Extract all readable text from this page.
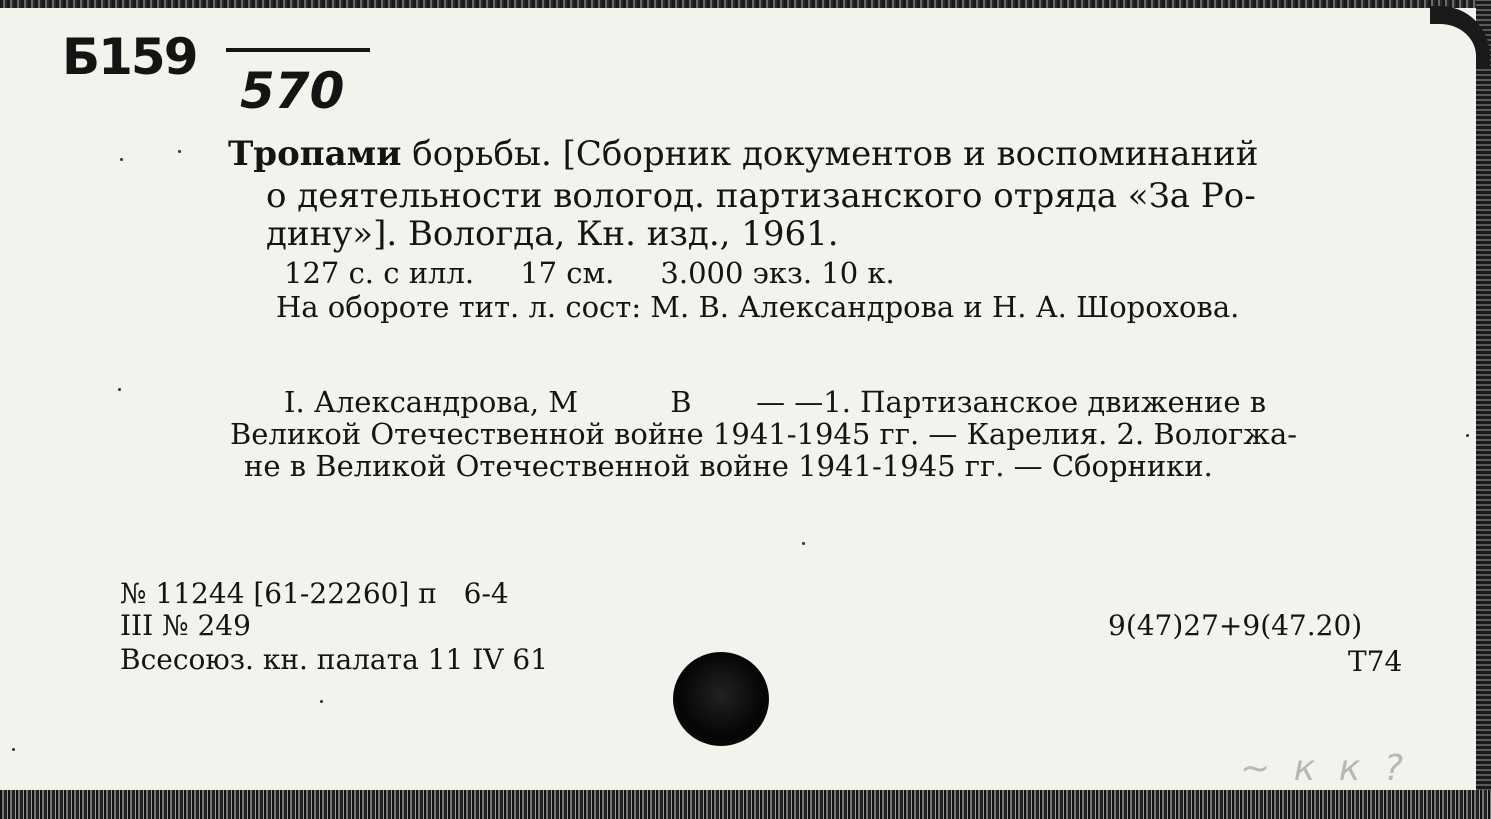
Б159
570
Тропами борьбы. [Сборник документов и воспоминаний
о деятельности вологод. партизанского отряда «За Ро-
дину»]. Вологда, Кн. изд., 1961.
127 с. с илл.     17 см.     3.000 экз. 10 к.
На обороте тит. л. сост: М. В. Александрова и Н. А. Шорохова.
I. Александрова, М          В       — —1. Партизанское движение в
Великой Отечественной войне 1941-1945 гг. — Карелия. 2. Вологжа-
не в Великой Отечественной войне 1941-1945 гг. — Сборники.
№ 11244 [61-22260] п   6-4
III № 249
Всесоюз. кн. палата 11 IV 61
9(47)27+9(47.20)
Т74
~ к к ?
